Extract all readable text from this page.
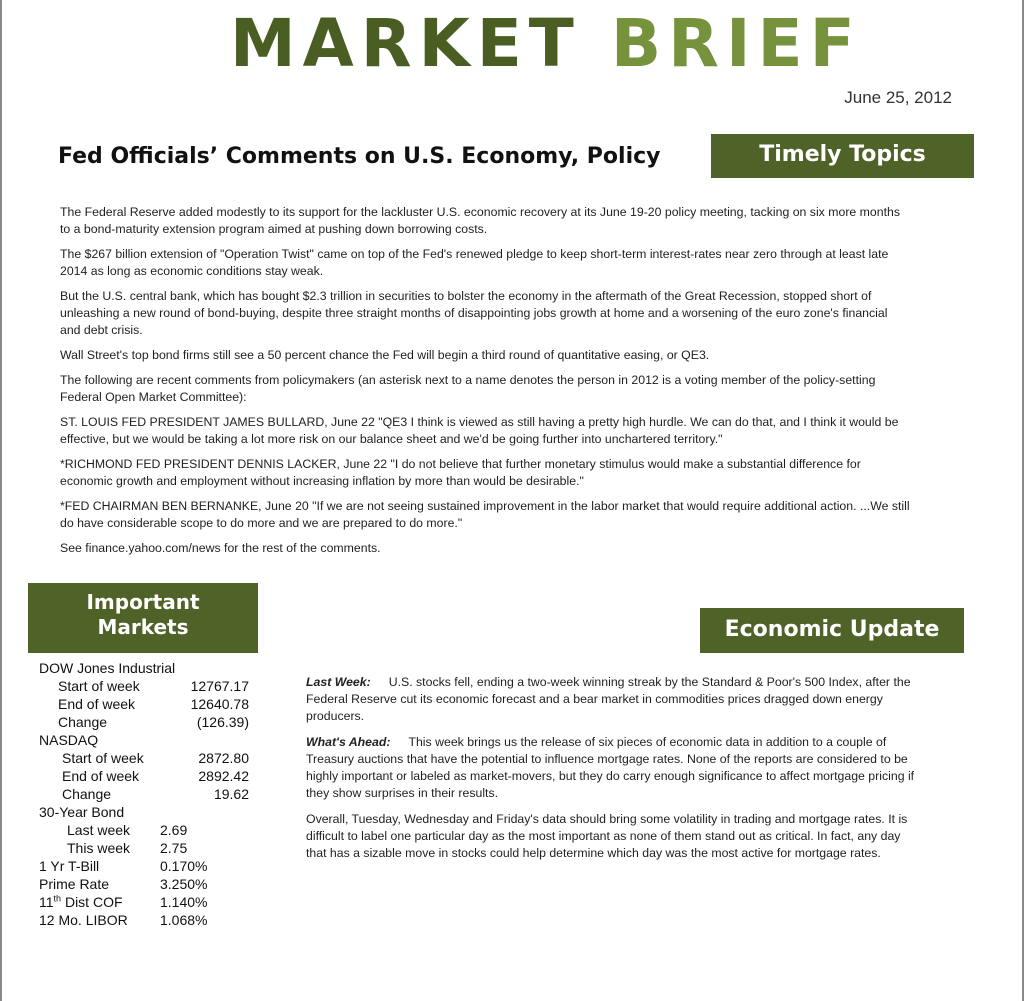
MARKET BRIEF
June 25, 2012
Fed Officials’ Comments on U.S. Economy, Policy	Timely Topics

The Federal Reserve added modestly to its support for the lackluster U.S. economic recovery at its June 19-20 policy meeting, tacking on six more months to a bond-maturity extension program aimed at pushing down borrowing costs.

The $267 billion extension of "Operation Twist" came on top of the Fed's renewed pledge to keep short-term interest-rates near zero through at least late 2014 as long as economic conditions stay weak.

But the U.S. central bank, which has bought $2.3 trillion in securities to bolster the economy in the aftermath of the Great Recession, stopped short of unleashing a new round of bond-buying, despite three straight months of disappointing jobs growth at home and a worsening of the euro zone's financial and debt crisis.

Wall Street's top bond firms still see a 50 percent chance the Fed will begin a third round of quantitative easing, or QE3.

The following are recent comments from policymakers (an asterisk next to a name denotes the person in 2012 is a voting member of the policy-setting Federal Open Market Committee):

ST. LOUIS FED PRESIDENT JAMES BULLARD, June 22 "QE3 I think is viewed as still having a pretty high hurdle. We can do that, and I think it would be effective, but we would be taking a lot more risk on our balance sheet and we'd be going further into unchartered territory."

*RICHMOND FED PRESIDENT DENNIS LACKER, June 22 "I do not believe that further monetary stimulus would make a substantial difference for economic growth and employment without increasing inflation by more than would be desirable."

*FED CHAIRMAN BEN BERNANKE, June 20 "If we are not seeing sustained improvement in the labor market that would require additional action. ...We still do have considerable scope to do more and we are prepared to do more."

See finance.yahoo.com/news for the rest of the comments.

Important
Markets
DOW Jones Industrial
Start of week	12767.17
End of week	12640.78
Change	(126.39)
NASDAQ
Start of week	2872.80
End of week	2892.42
Change	19.62
30-Year Bond
Last week 2.69
This week 2.75
1 Yr T-Bill	0.170%
Prime Rate	3.250%
11th Dist COF	1.140%
12 Mo. LIBOR 1.068%
Economic Update

Last Week: U.S. stocks fell, ending a two-week winning streak by the Standard & Poor's 500 Index, after the Federal Reserve cut its economic forecast and a bear market in commodities prices dragged down energy producers.

What's Ahead: This week brings us the release of six pieces of economic data in addition to a couple of Treasury auctions that have the potential to influence mortgage rates. None of the reports are considered to be highly important or labeled as market-movers, but they do carry enough significance to affect mortgage pricing if they show surprises in their results.

Overall, Tuesday, Wednesday and Friday's data should bring some volatility in trading and mortgage rates. It is difficult to label one particular day as the most important as none of them stand out as critical. In fact, any day that has a sizable move in stocks could help determine which day was the most active for mortgage rates.
